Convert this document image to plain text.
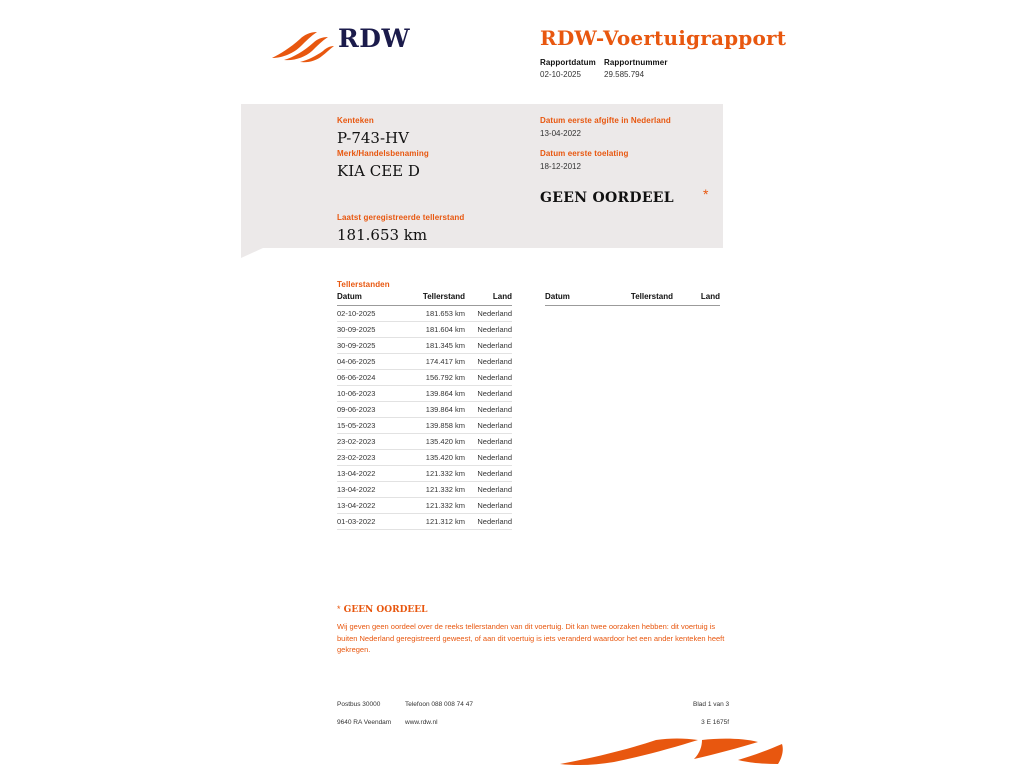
RDW	RDW-Voertuigrapport
Rapportdatum
02-10-2025
Rapportnummer
29.585.794
Kenteken
P-743-HV
Merk/Handelsbenaming
KIA CEE D
Laatst geregistreerde tellerstand
181.653 km
Datum eerste afgifte in Nederland
13-04-2022
Datum eerste toelating
18-12-2012
GEEN OORDEEL *
Tellerstanden
Datum	Tellerstand	Land
02-10-2025	181.653 km	Nederland
30-09-2025	181.604 km	Nederland
30-09-2025	181.345 km	Nederland
04-06-2025	174.417 km	Nederland
06-06-2024	156.792 km	Nederland
10-06-2023	139.864 km	Nederland
09-06-2023	139.864 km	Nederland
15-05-2023	139.858 km	Nederland
23-02-2023	135.420 km	Nederland
23-02-2023	135.420 km	Nederland
13-04-2022	121.332 km	Nederland
13-04-2022	121.332 km	Nederland
13-04-2022	121.332 km	Nederland
01-03-2022	121.312 km	Nederland
Datum	Tellerstand	Land
* GEEN OORDEEL
Wij geven geen oordeel over de reeks tellerstanden van dit voertuig. Dit kan twee oorzaken hebben: dit voertuig is buiten Nederland geregistreerd geweest, of aan dit voertuig is iets veranderd waardoor het een ander kenteken heeft gekregen.
Postbus 30000	Telefoon 088 008 74 47
9640 RA Veendam www.rdw.nl
Blad 1 van 3
3 E 1675f
